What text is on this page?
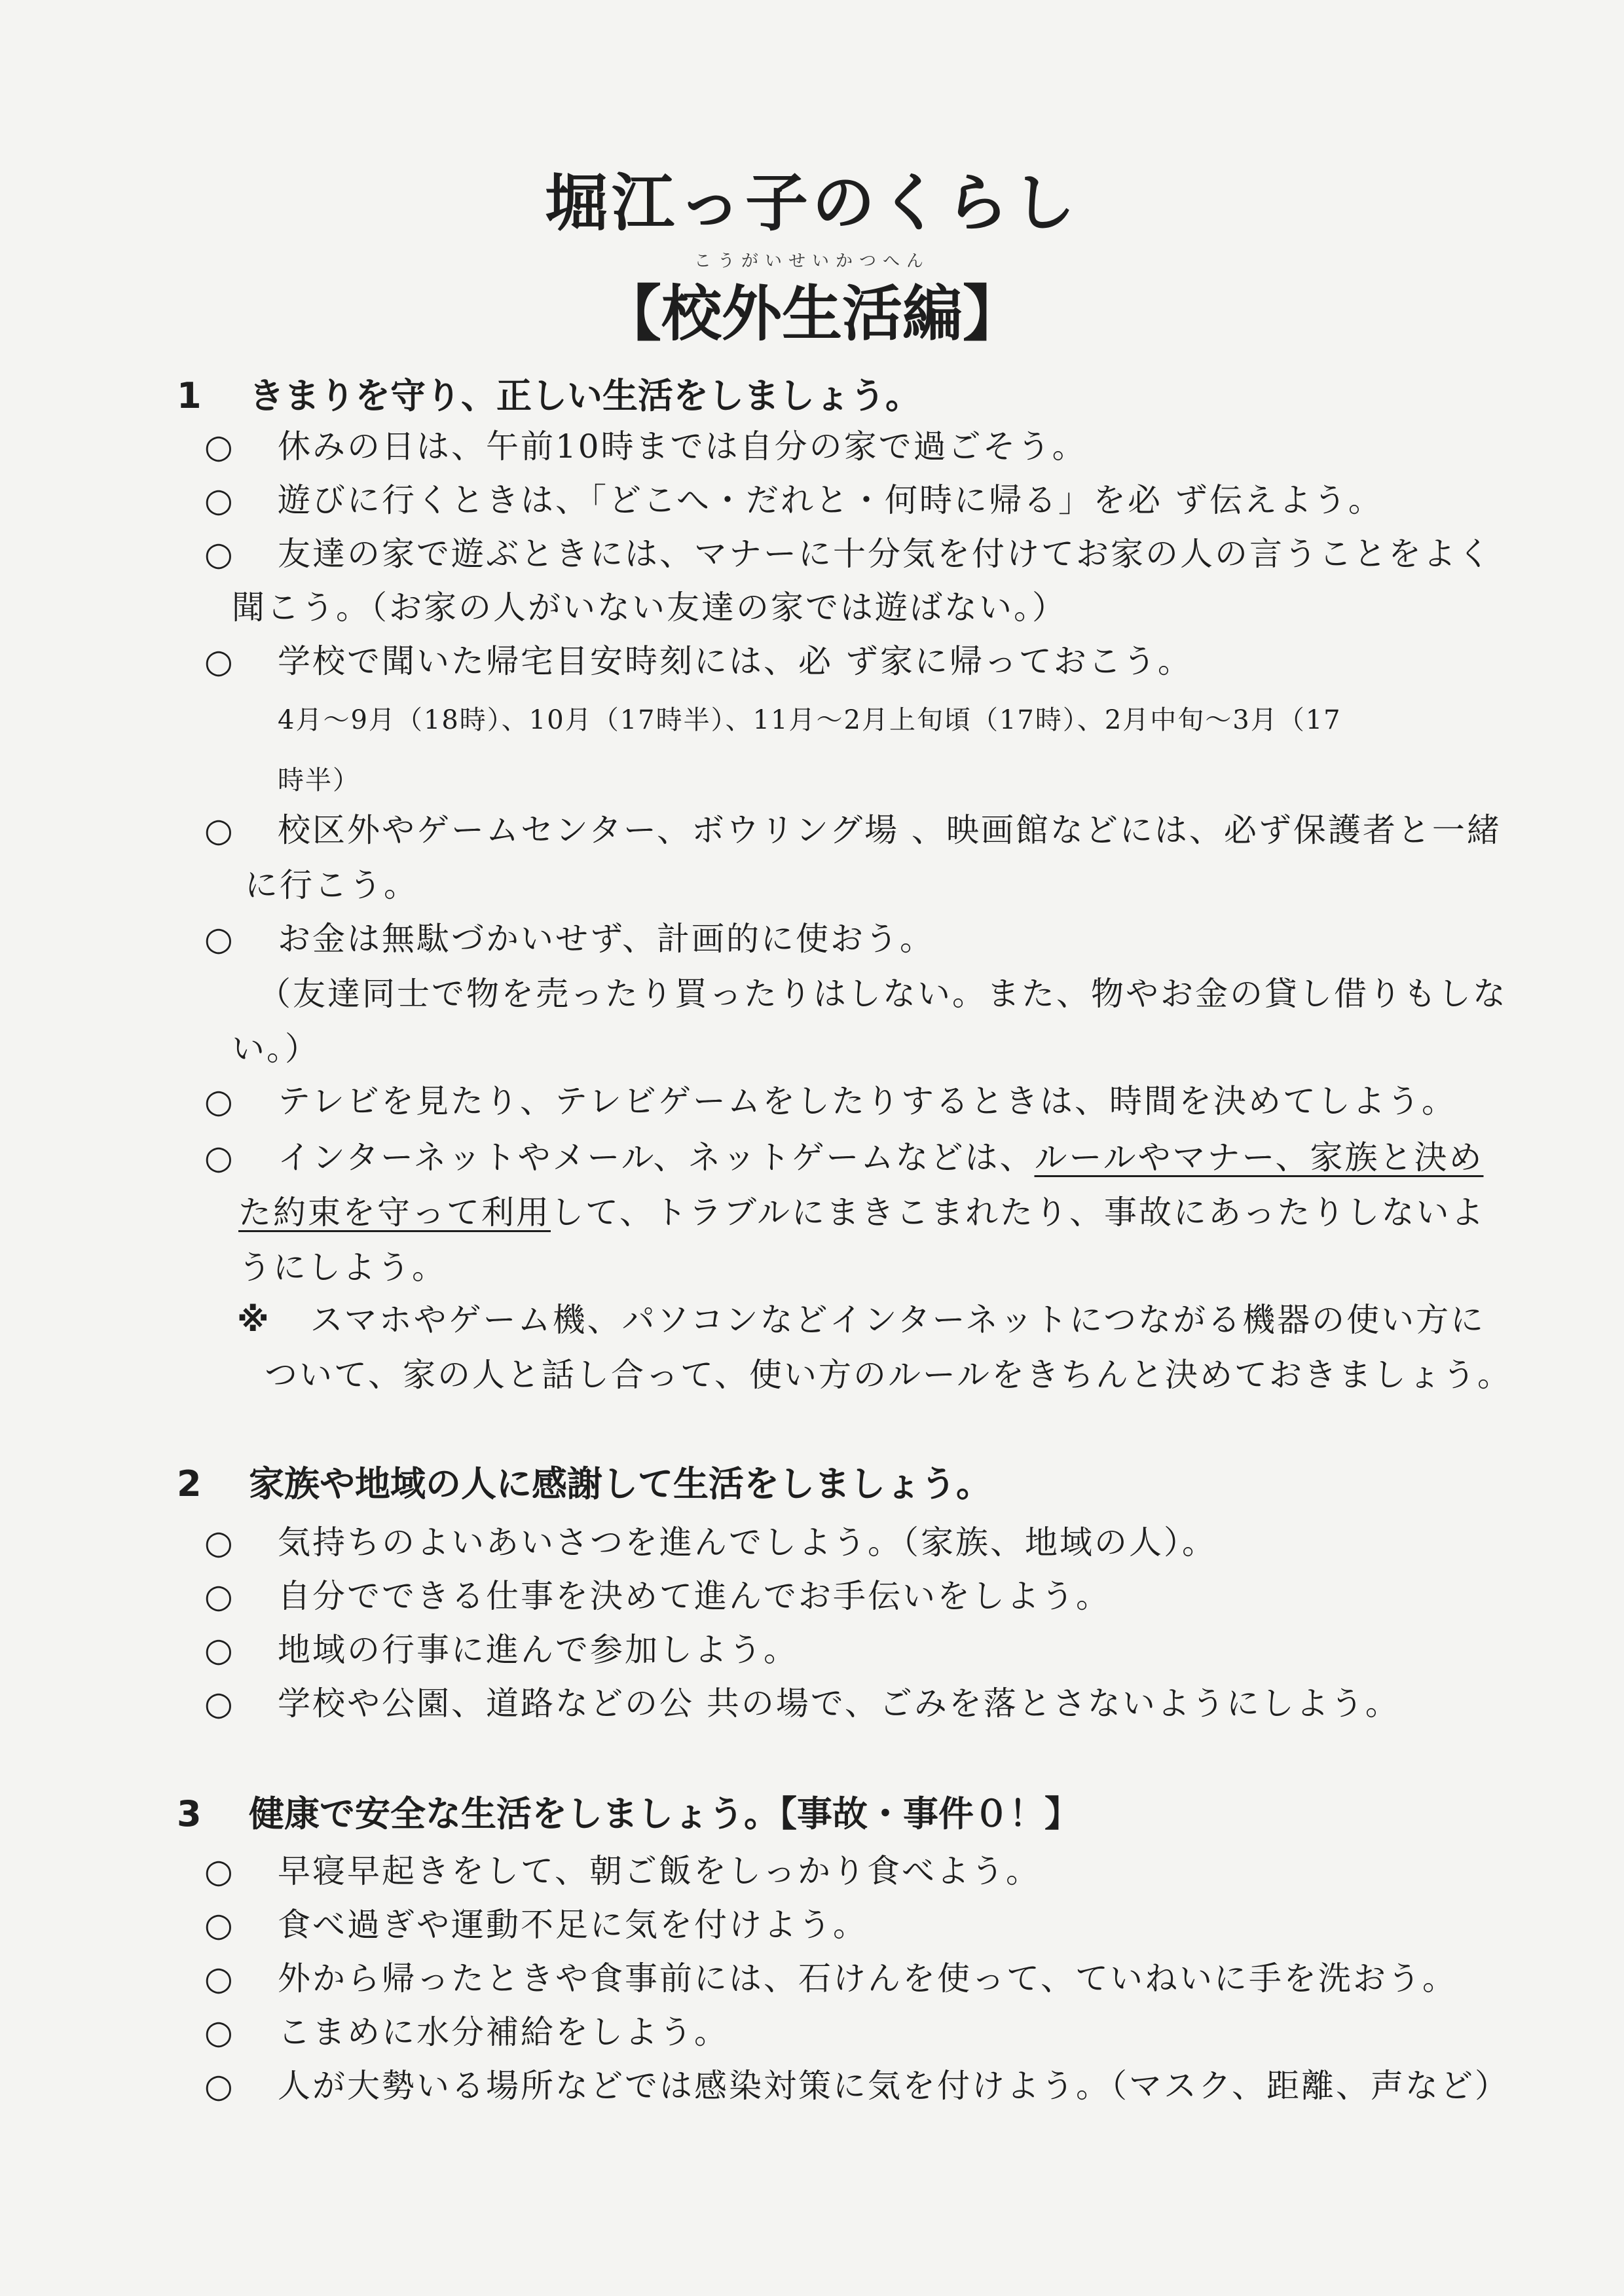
堀江っ子のくらし
こうがいせいかつへん
【校外生活編】
1 きまりを守り、正しい生活をしましょう。
○	休みの日は、午前10時までは自分の家で過ごそう。
○	遊びに行くときは、「どこへ・だれと・何時に帰る」を必 ず伝えよう。
○	友達の家で遊ぶときには、マナーに十分気を付けてお家の人の言うことをよく
聞こう。（お家の人がいない友達の家では遊ばない。）
○	学校で聞いた帰宅目安時刻には、必 ず家に帰っておこう。
4月～9月（18時）、10月（17時半）、11月～2月上旬頃（17時）、2月中旬～3月（17
時半）
○	校区外やゲームセンター、ボウリング場 、映画館などには、必ず保護者と一緒
に行こう。
○	お金は無駄づかいせず、計画的に使おう。
（友達同士で物を売ったり買ったりはしない。また、物やお金の貸し借りもしな
い。）
○	テレビを見たり、テレビゲームをしたりするときは、時間を決めてしよう。
○	インターネットやメール、ネットゲームなどは、ルールやマナー、家族と決め
た約束を守って利用して、トラブルにまきこまれたり、事故にあったりしないよ
うにしよう。
※ スマホやゲーム機、パソコンなどインターネットにつながる機器の使い方に
ついて、家の人と話し合って、使い方のルールをきちんと決めておきましょう。
2 家族や地域の人に感謝して生活をしましょう。
○	気持ちのよいあいさつを進んでしよう。（家族、地域の人）。
○	自分でできる仕事を決めて進んでお手伝いをしよう。
○	地域の行事に進んで参加しよう。
○	学校や公園、道路などの公 共の場で、ごみを落とさないようにしよう。
3 健康で安全な生活をしましょう。【事故・事件０！】
○	早寝早起きをして、朝ご飯をしっかり食べよう。
○	食べ過ぎや運動不足に気を付けよう。
○	外から帰ったときや食事前には、石けんを使って、ていねいに手を洗おう。
○	こまめに水分補給をしよう。
○	人が大勢いる場所などでは感染対策に気を付けよう。（マスク、距離、声など）
